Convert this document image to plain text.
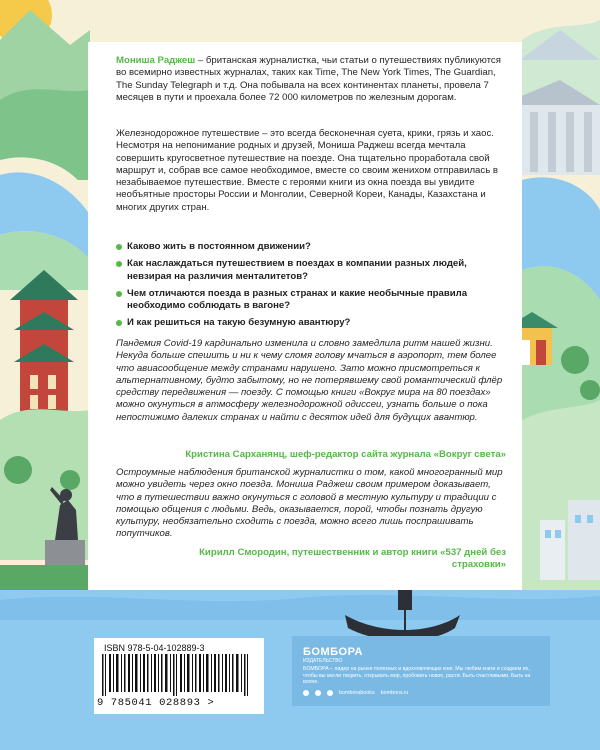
Мониша Раджеш – британская журналистка, чьи статьи о путешествиях публикуются во всемирно известных журналах, таких как Time, The New York Times, The Guardian, The Sunday Telegraph и т.д. Она побывала на всех континентах планеты, провела 7 месяцев в пути и проехала более 72 000 километров по железным дорогам.
Железнодорожное путешествие – это всегда бесконечная суета, крики, грязь и хаос. Несмотря на непонимание родных и друзей, Мониша Раджеш всегда мечтала совершить кругосветное путешествие на поезде. Она тщательно проработала свой маршрут и, собрав все самое необходимое, вместе со своим женихом отправилась в незабываемое путешествие. Вместе с героями книги из окна поезда вы увидите необъятные просторы России и Монголии, Северной Кореи, Канады, Казахстана и многих других стран.
Каково жить в постоянном движении?
Как наслаждаться путешествием в поездах в компании разных людей, невзирая на различия менталитетов?
Чем отличаются поезда в разных странах и какие необычные правила необходимо соблюдать в вагоне?
И как решиться на такую безумную авантюру?
Пандемия Covid-19 кардинально изменила и словно замедлила ритм нашей жизни. Некуда больше спешить и ни к чему сломя голову мчаться в аэропорт, тем более что авиасообщение между странами нарушено. Зато можно присмотреться к альтернативному, будто забытому, но не потерявшему свой романтический флёр средству передвижения — поезду. С помощью книги «Вокруг мира на 80 поездах» можно окунуться в атмосферу железнодорожной одиссеи, узнать больше о пока непостижимо далеких странах и найти с десяток идей для будущих авантюр.
Кристина Сарханянц, шеф-редактор сайта журнала «Вокруг света»
Остроумные наблюдения британской журналистки о том, какой многогранный мир можно увидеть через окно поезда. Мониша Раджеш своим примером доказывает, что в путешествии важно окунуться с головой в местную культуру и традиции с помощью общения с людьми. Ведь, оказывается, порой, чтобы познать другую культуру, необязательно сходить с поезда, можно всего лишь поспрашивать попутчиков.
Кирилл Смородин, путешественник и автор книги «537 дней без страховки»
ISBN 978-5-04-102889-3
9 785041 028893 >
БОМБОРА
ИЗДАТЕЛЬСТВО
БОМБОРА – лидер на рынке полезных и вдохновляющих книг. Мы любим книги и создаем их, чтобы вы могли творить, открывать мир, пробовать новое, расти. Быть счастливыми. Быть на волне.
bomborabooks bombora.ru
